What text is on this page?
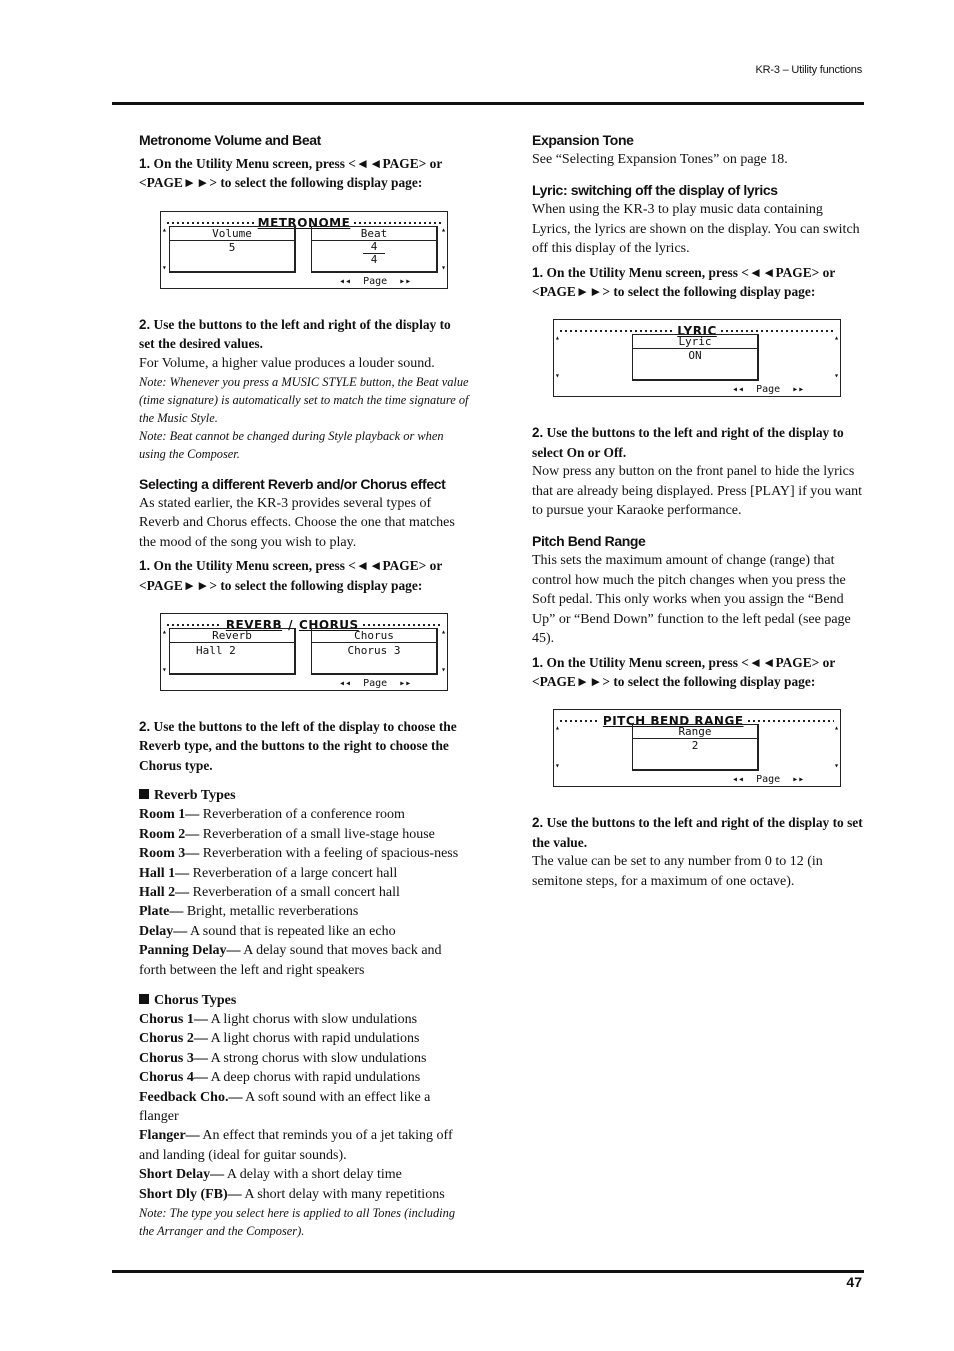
KR-3 – Utility functions
Metronome Volume and Beat

1. On the Utility Menu screen, press <◄◄PAGE> or <PAGE►►> to select the following display page:

METRONOME
▴
▾
▴
▾
Volume
5
Beat
4
4
◂◂  Page  ▸▸

2. Use the buttons to the left and right of the display to set the desired values.

For Volume, a higher value produces a louder sound.

Note: Whenever you press a MUSIC STYLE button, the Beat value (time signature) is automatically set to match the time signature of the Music Style.

Note: Beat cannot be changed during Style playback or when using the Composer.

Selecting a different Reverb and/or Chorus effect

As stated earlier, the KR-3 provides several types of Reverb and Chorus effects. Choose the one that matches the mood of the song you wish to play.

1. On the Utility Menu screen, press <◄◄PAGE> or <PAGE►►> to select the following display page:

REVERB / CHORUS
▴
▾
▴
▾
Reverb
Hall 2
Chorus
Chorus 3
◂◂  Page  ▸▸

2. Use the buttons to the left of the display to choose the Reverb type, and the buttons to the right to choose the Chorus type.

Reverb Types

Room 1— Reverberation of a conference room

Room 2— Reverberation of a small live-stage house

Room 3— Reverberation with a feeling of spacious-ness

Hall 1— Reverberation of a large concert hall

Hall 2— Reverberation of a small concert hall

Plate— Bright, metallic reverberations

Delay— A sound that is repeated like an echo

Panning Delay— A delay sound that moves back and forth between the left and right speakers

Chorus Types

Chorus 1— A light chorus with slow undulations

Chorus 2— A light chorus with rapid undulations

Chorus 3— A strong chorus with slow undulations

Chorus 4— A deep chorus with rapid undulations

Feedback Cho.— A soft sound with an effect like a flanger

Flanger— An effect that reminds you of a jet taking off and landing (ideal for guitar sounds).

Short Delay— A delay with a short delay time

Short Dly (FB)— A short delay with many repetitions

Note: The type you select here is applied to all Tones (including the Arranger and the Composer).

Expansion Tone

See “Selecting Expansion Tones” on page 18.

Lyric: switching off the display of lyrics

When using the KR-3 to play music data containing Lyrics, the lyrics are shown on the display. You can switch off this display of the lyrics.

1. On the Utility Menu screen, press <◄◄PAGE> or <PAGE►►> to select the following display page:

LYRIC
▴
▾
▴
▾
Lyric
ON
◂◂  Page  ▸▸

2. Use the buttons to the left and right of the display to select On or Off.

Now press any button on the front panel to hide the lyrics that are already being displayed. Press [PLAY] if you want to pursue your Karaoke performance.

Pitch Bend Range

This sets the maximum amount of change (range) that control how much the pitch changes when you press the Soft pedal. This only works when you assign the “Bend Up” or “Bend Down” function to the left pedal (see page 45).

1. On the Utility Menu screen, press <◄◄PAGE> or <PAGE►►> to select the following display page:

PITCH BEND RANGE
▴
▾
▴
▾
Range
2
◂◂  Page  ▸▸

2. Use the buttons to the left and right of the display to set the value.

The value can be set to any number from 0 to 12 (in semitone steps, for a maximum of one octave).

47
